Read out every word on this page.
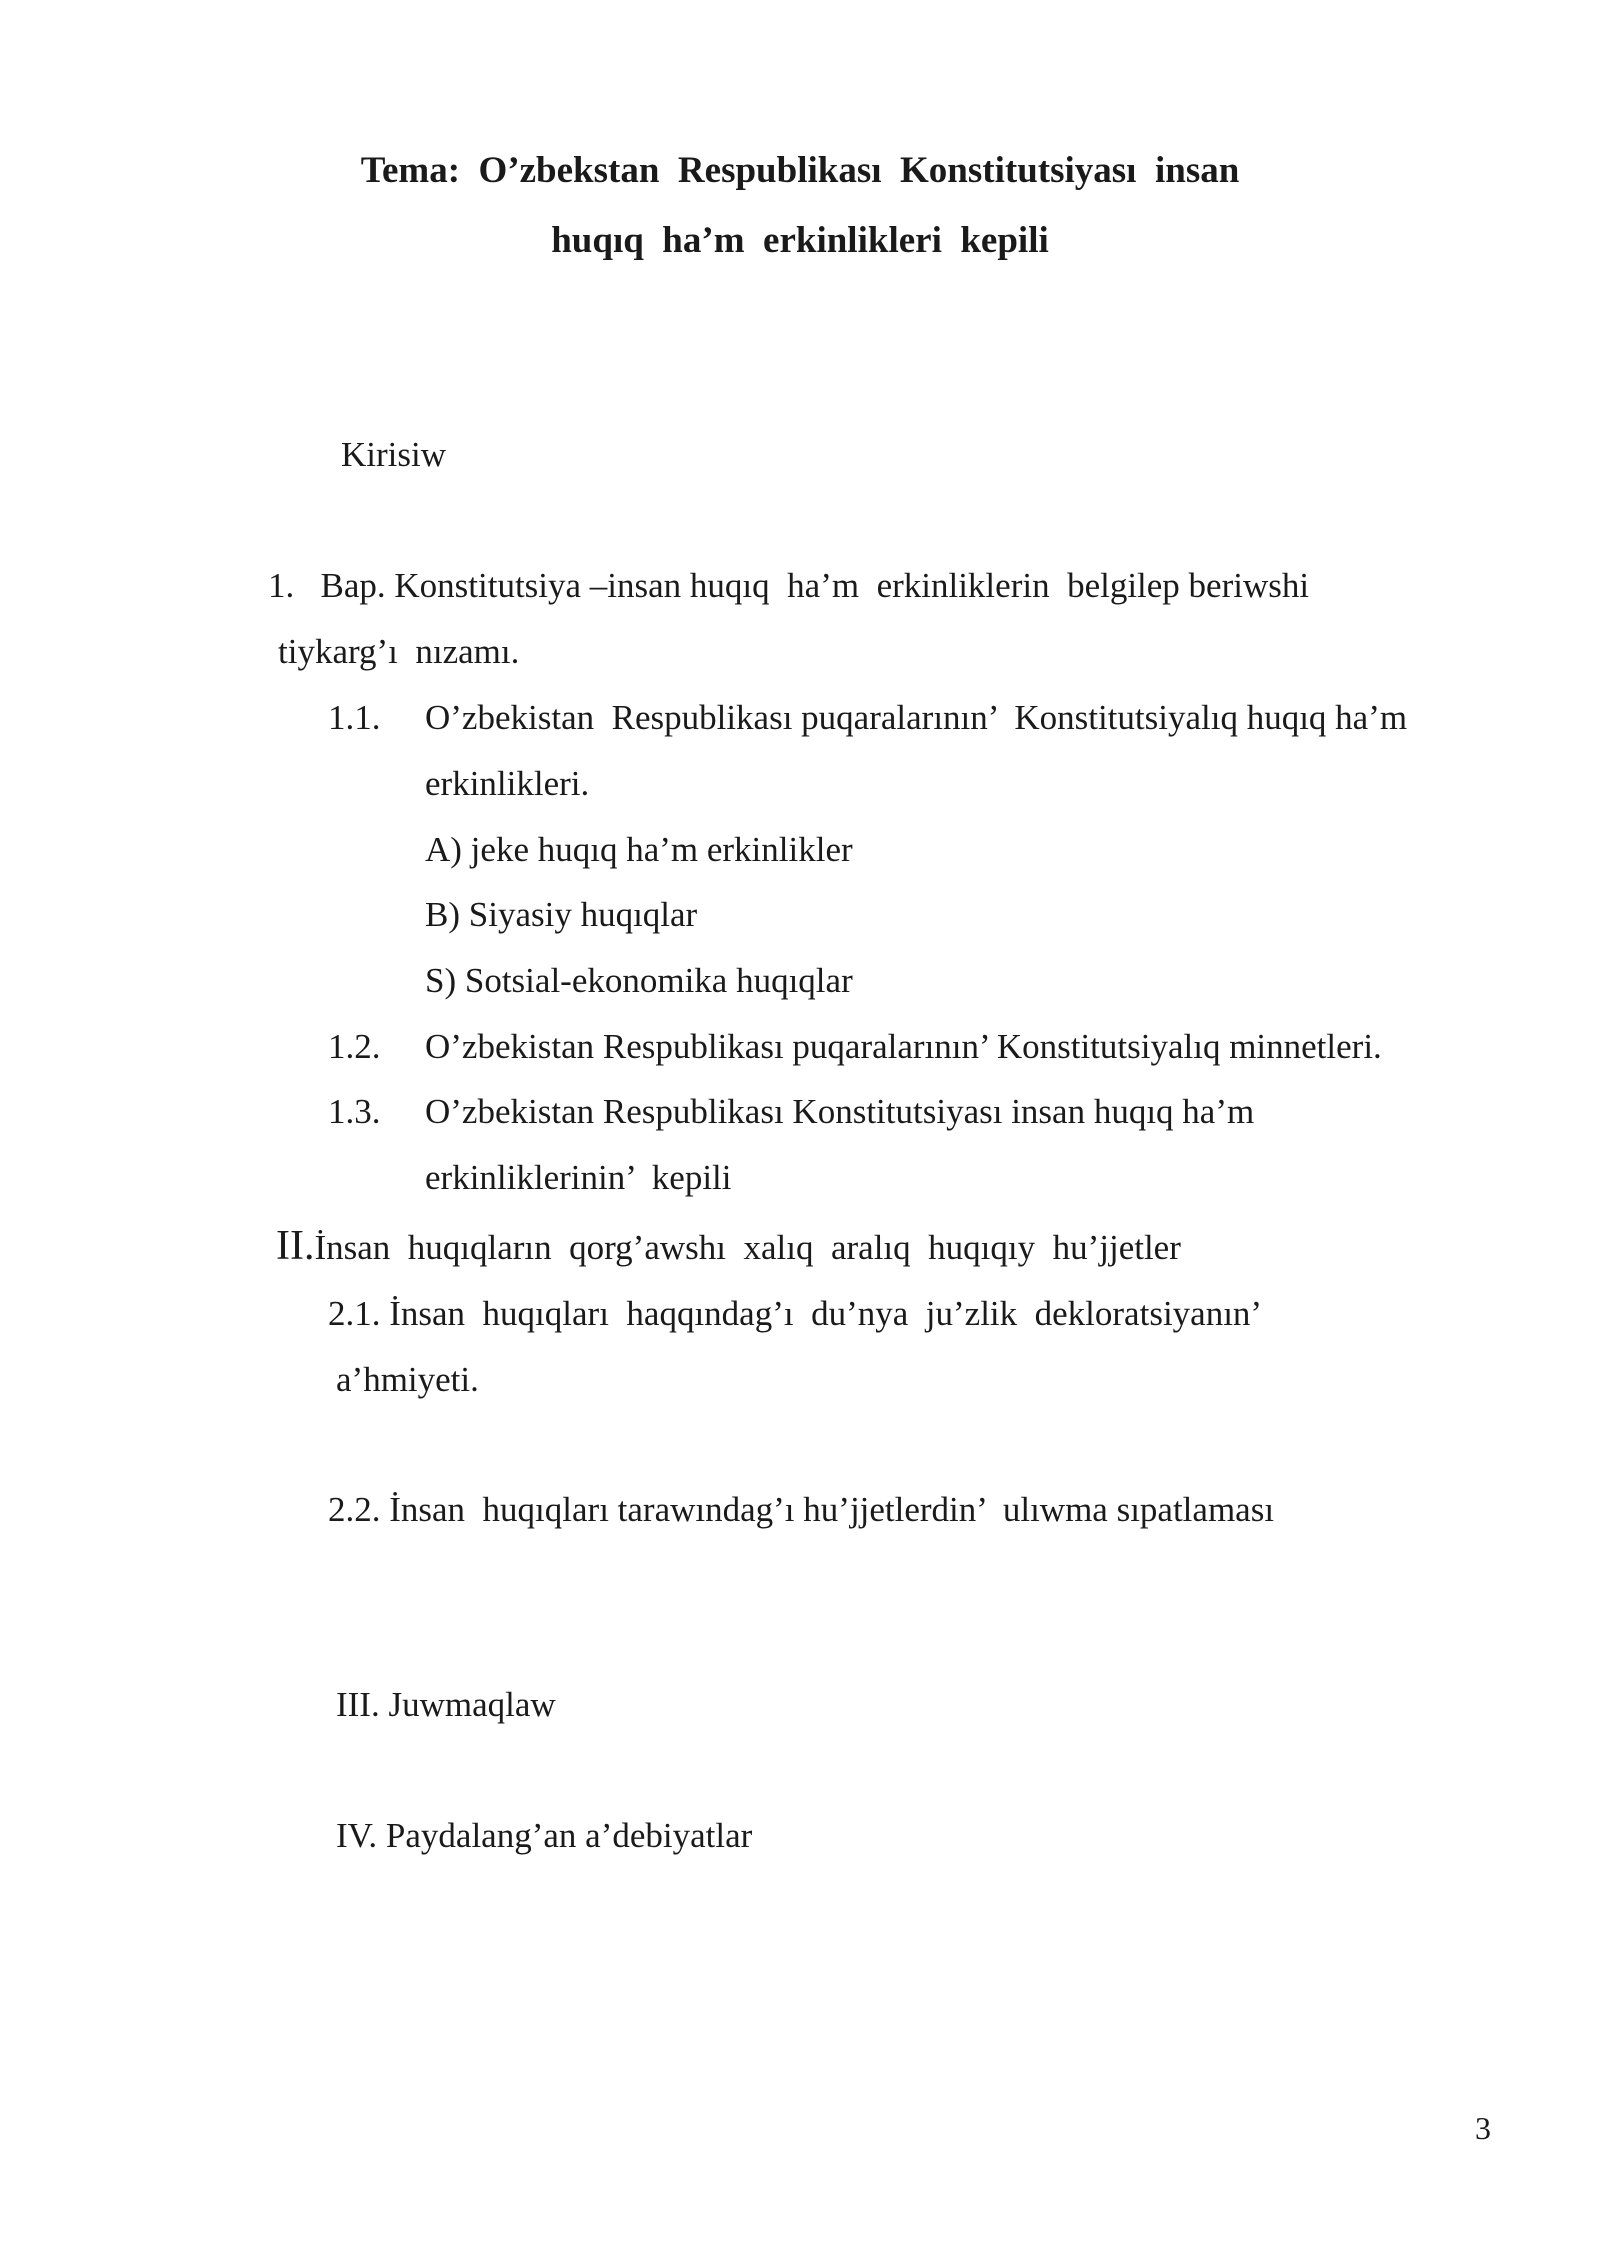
Tema:  O’zbekstan  Respublikası  Konstitutsiyası  insan
huqıq  ha’m  erkinlikleri  kepili
Kirisiw
1.   Bap. Konstitutsiya –insan huqıq  ha’m  erkinliklerin  belgilep beriwshi
tiykarg’ı  nızamı.
1.1. O’zbekistan  Respublikası puqaralarının’  Konstitutsiyalıq huqıq ha’m
erkinlikleri.
A) jeke huqıq ha’m erkinlikler
B) Siyasiy huqıqlar
S) Sotsial-ekonomika huqıqlar
1.2. O’zbekistan Respublikası puqaralarının’ Konstitutsiyalıq minnetleri.
1.3. O’zbekistan Respublikası Konstitutsiyası insan huqıq ha’m
erkinliklerinin’  kepili
II.İnsan  huqıqların  qorg’awshı  xalıq  aralıq  huqıqıy  hu’jjetler
2.1. İnsan  huqıqları  haqqındag’ı  du’nya  ju’zlik  dekloratsiyanın’
a’hmiyeti.
2.2. İnsan  huqıqları tarawındag’ı hu’jjetlerdin’  ulıwma sıpatlaması
III. Juwmaqlaw
IV. Paydalang’an a’debiyatlar
3
